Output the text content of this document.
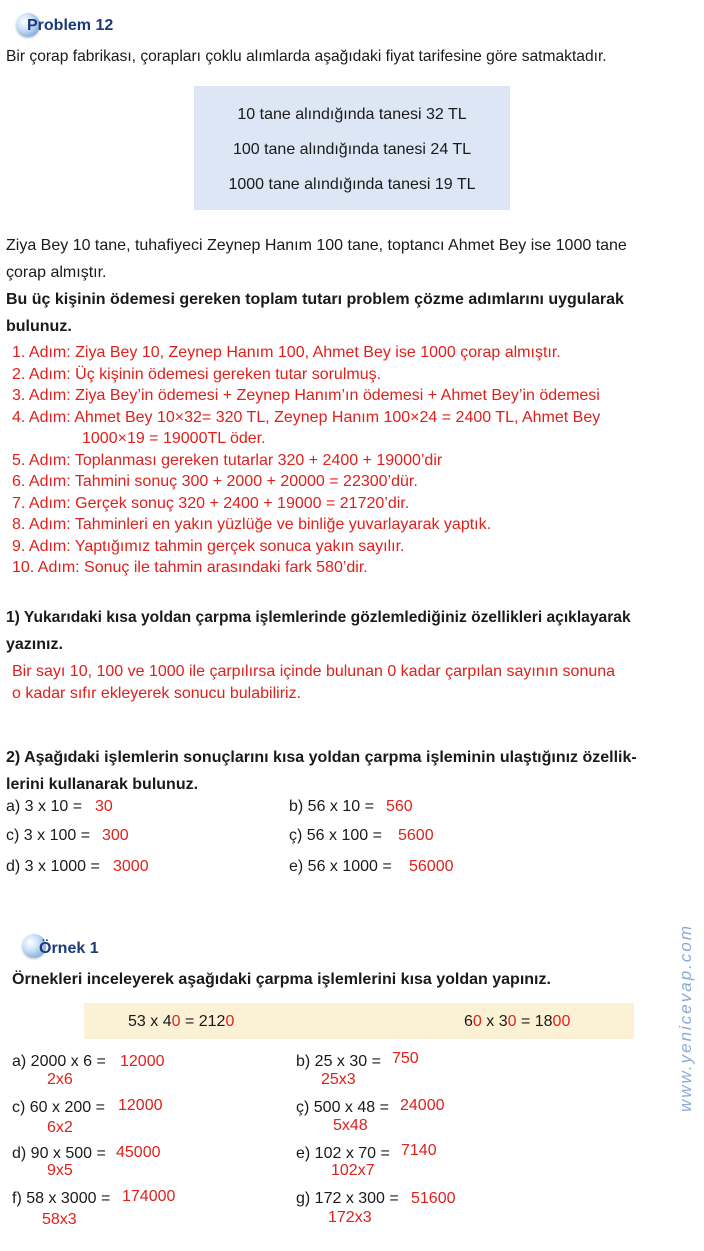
Problem 12
Bir çorap fabrikası, çorapları çoklu alımlarda aşağıdaki fiyat tarifesine göre satmaktadır.
10 tane alındığında tanesi 32 TL
100 tane alındığında tanesi 24 TL
1000 tane alındığında tanesi 19 TL
Ziya Bey 10 tane, tuhafiyeci Zeynep Hanım 100 tane, toptancı Ahmet Bey ise 1000 tane
çorap almıştır.
Bu üç kişinin ödemesi gereken toplam tutarı problem çözme adımlarını uygularak
bulunuz.
1. Adım: Ziya Bey 10, Zeynep Hanım 100, Ahmet Bey ise 1000 çorap almıştır.
2. Adım: Üç kişinin ödemesi gereken tutar sorulmuş.
3. Adım: Ziya Bey’in ödemesi + Zeynep Hanım’ın ödemesi + Ahmet Bey’in ödemesi
4. Adım: Ahmet Bey 10×32= 320 TL, Zeynep Hanım 100×24 = 2400 TL, Ahmet Bey
1000×19 = 19000TL öder.
5. Adım: Toplanması gereken tutarlar 320 + 2400 + 19000’dir
6. Adım: Tahmini sonuç 300 + 2000 + 20000 = 22300’dür.
7. Adım: Gerçek sonuç 320 + 2400 + 19000 = 21720’dir.
8. Adım: Tahminleri en yakın yüzlüğe ve binliğe yuvarlayarak yaptık.
9. Adım: Yaptığımız tahmin gerçek sonuca yakın sayılır.
10. Adım: Sonuç ile tahmin arasındaki fark 580’dir.
1) Yukarıdaki kısa yoldan çarpma işlemlerinde gözlemlediğiniz özellikleri açıklayarak
yazınız.
Bir sayı 10, 100 ve 1000 ile çarpılırsa içinde bulunan 0 kadar çarpılan sayının sonuna
o kadar sıfır ekleyerek sonucu bulabiliriz.
2) Aşağıdaki işlemlerin sonuçlarını kısa yoldan çarpma işleminin ulaştığınız özellik-
lerini kullanarak bulunuz.
a) 3 x 10 = 30	b) 56 x 10 = 560
c) 3 x 100 = 300	ç) 56 x 100 = 5600
d) 3 x 1000 = 3000	e) 56 x 1000 = 56000
Örnek 1
Örnekleri inceleyerek aşağıdaki çarpma işlemlerini kısa yoldan yapınız.
53 x 40 = 2120	60 x 30 = 1800
a) 2000 x 6 = 12000
2x6
b) 25 x 30 = 750
25x3
c) 60 x 200 = 12000
6x2
ç) 500 x 48 = 24000
5x48
d) 90 x 500 = 45000
9x5
e) 102 x 70 = 7140
102x7
f) 58 x 3000 = 174000
58x3
g) 172 x 300 = 51600
172x3
www.yenicevap.com
